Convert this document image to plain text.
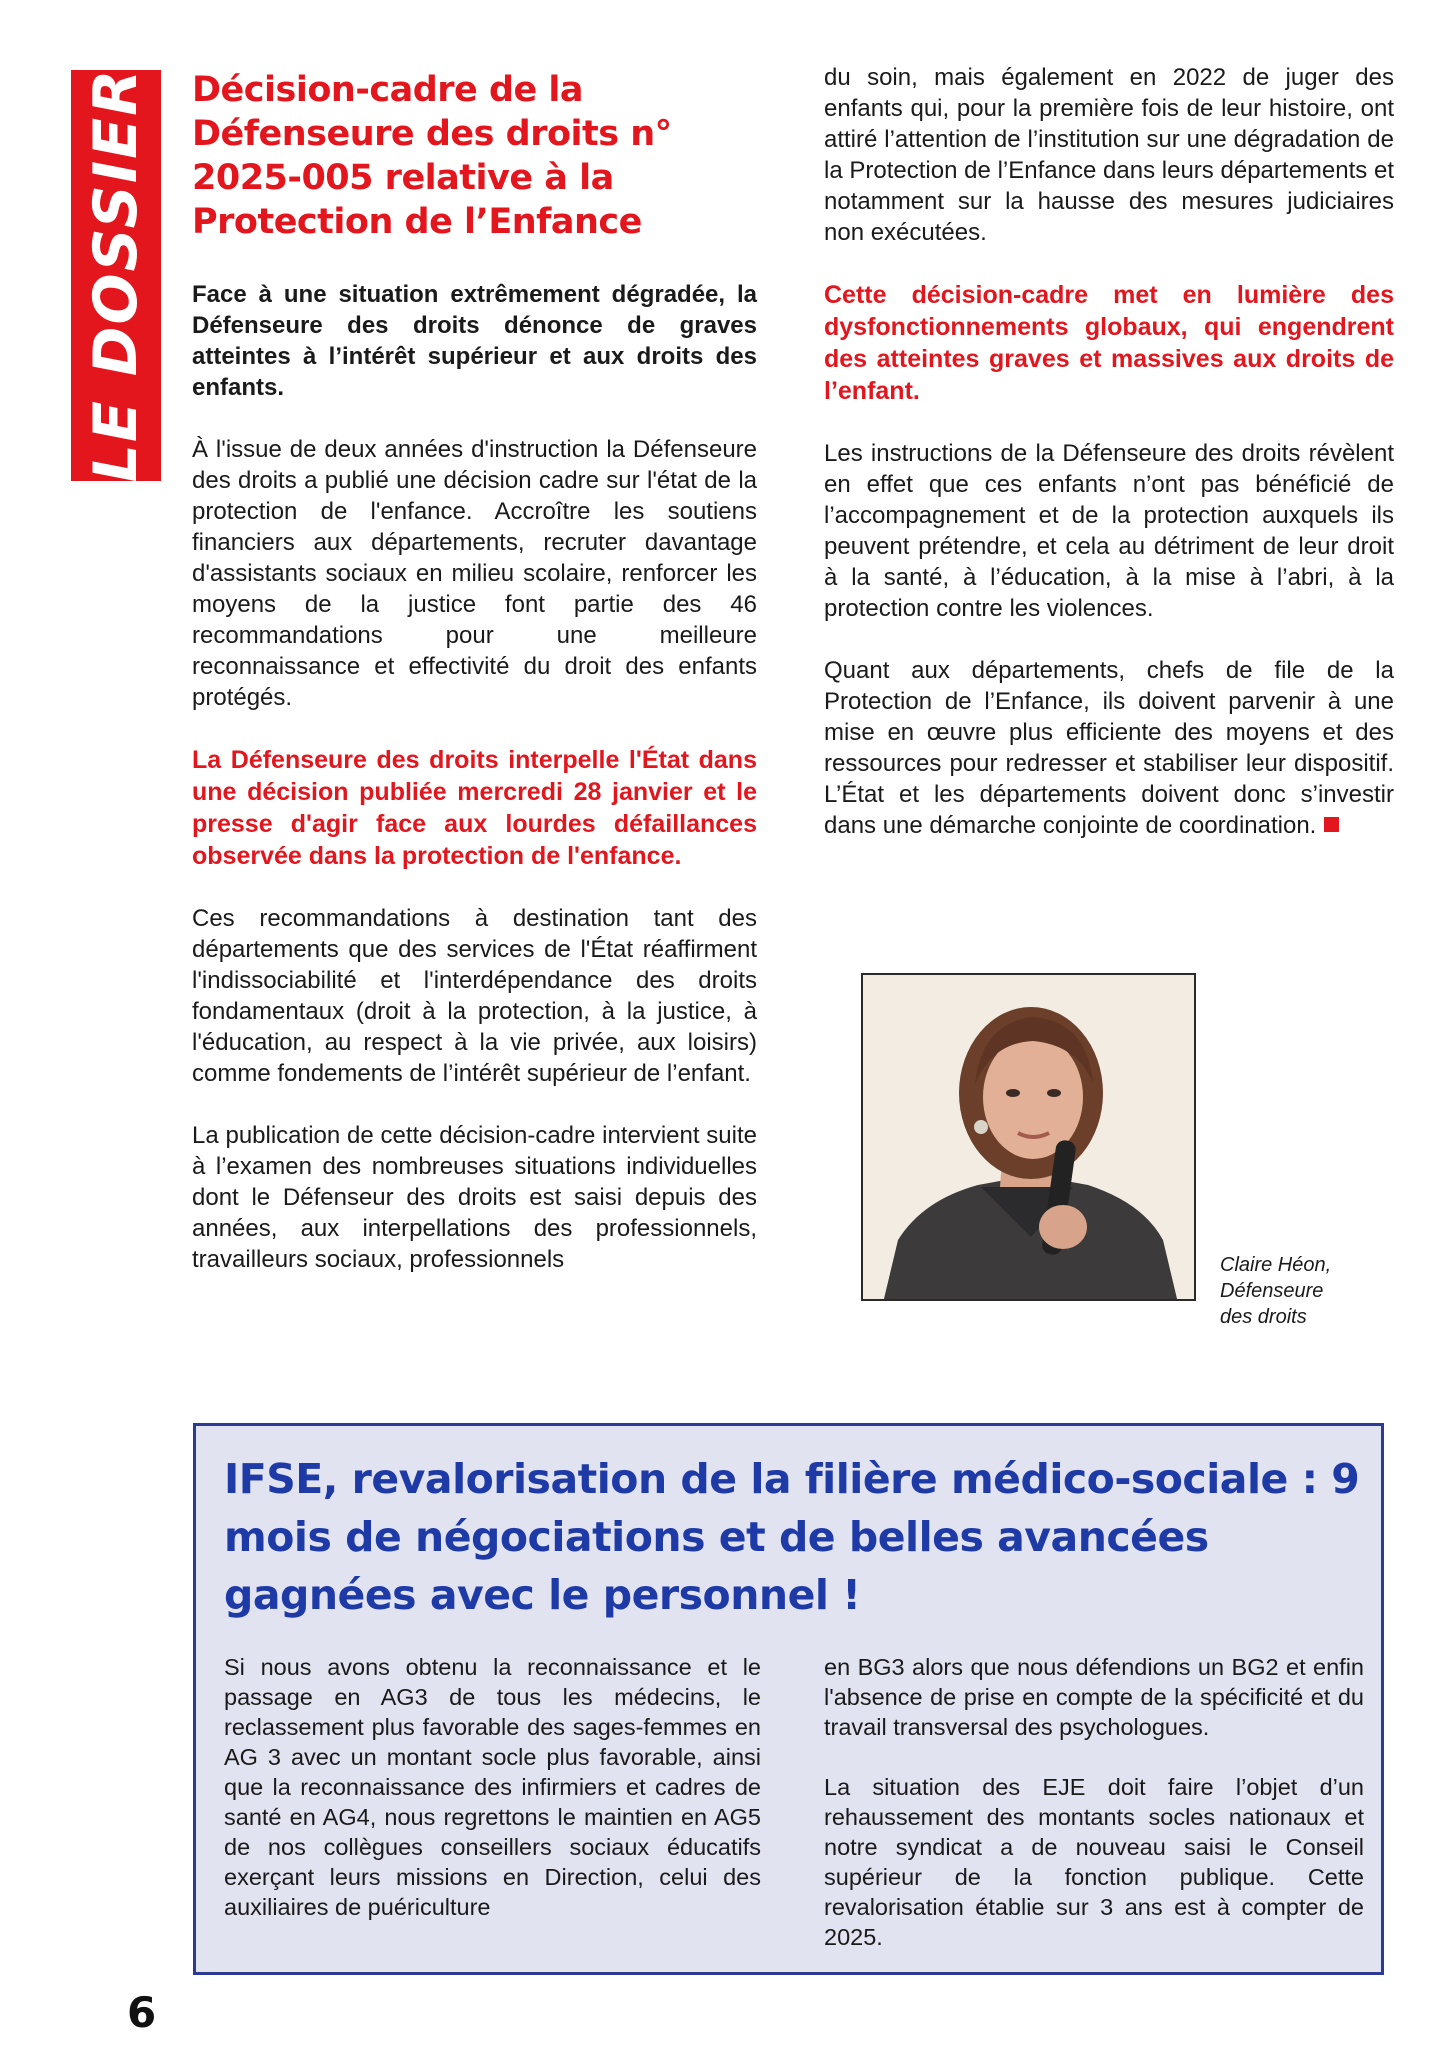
LE DOSSIER Décision-cadre de la Défenseure des droits n° 2025-005 relative à la Protection de l’Enfance

Face à une situation extrêmement dégradée, la Défenseure des droits dénonce de graves atteintes à l’intérêt supérieur et aux droits des enfants.

À l'issue de deux années d'instruction la Défenseure des droits a publié une décision cadre sur l'état de la protection de l'enfance. Accroître les soutiens financiers aux départements, recruter davantage d'assistants sociaux en milieu scolaire, renforcer les moyens de la justice font partie des 46 recommandations pour une meilleure reconnaissance et effectivité du droit des enfants protégés.

La Défenseure des droits interpelle l'État dans une décision publiée mercredi 28 janvier et le presse d'agir face aux lourdes défaillances observée dans la protection de l'enfance.

Ces recommandations à destination tant des départements que des services de l'État réaffirment l'indissociabilité et l'interdépendance des droits fondamentaux (droit à la protection, à la justice, à l'éducation, au respect à la vie privée, aux loisirs) comme fondements de l’intérêt supérieur de l’enfant.

La publication de cette décision-cadre intervient suite à l’examen des nombreuses situations individuelles dont le Défenseur des droits est saisi depuis des années, aux interpellations des professionnels, travailleurs sociaux, professionnels

du soin, mais également en 2022 de juger des enfants qui, pour la première fois de leur histoire, ont attiré l’attention de l’institution sur une dégradation de la Protection de l’Enfance dans leurs départements et notamment sur la hausse des mesures judiciaires non exécutées.

Cette décision-cadre met en lumière des dysfonctionnements globaux, qui engendrent des atteintes graves et massives aux droits de l’enfant.

Les instructions de la Défenseure des droits révèlent en effet que ces enfants n’ont pas bénéficié de l’accompagnement et de la protection auxquels ils peuvent prétendre, et cela au détriment de leur droit à la santé, à l’éducation, à la mise à l’abri, à la protection contre les violences.

Quant aux départements, chefs de file de la Protection de l’Enfance, ils doivent parvenir à une mise en œuvre plus efficiente des moyens et des ressources pour redresser et stabiliser leur dispositif. L’État et les départements doivent donc s’investir dans une démarche conjointe de coordination.

Claire Héon,
Défenseure
des droits
IFSE, revalorisation de la filière médico-sociale : 9 mois de négociations et de belles avancées gagnées avec le personnel !

Si nous avons obtenu la reconnaissance et le passage en AG3 de tous les médecins, le reclassement plus favorable des sages-femmes en AG 3 avec un montant socle plus favorable, ainsi que la reconnaissance des infirmiers et cadres de santé en AG4, nous regrettons le maintien en AG5 de nos collègues conseillers sociaux éducatifs exerçant leurs missions en Direction, celui des auxiliaires de puériculture

en BG3 alors que nous défendions un BG2 et enfin l'absence de prise en compte de la spécificité et du travail transversal des psychologues.

La situation des EJE doit faire l’objet d’un rehaussement des montants socles nationaux et notre syndicat a de nouveau saisi le Conseil supérieur de la fonction publique. Cette revalorisation établie sur 3 ans est à compter de 2025.

6
